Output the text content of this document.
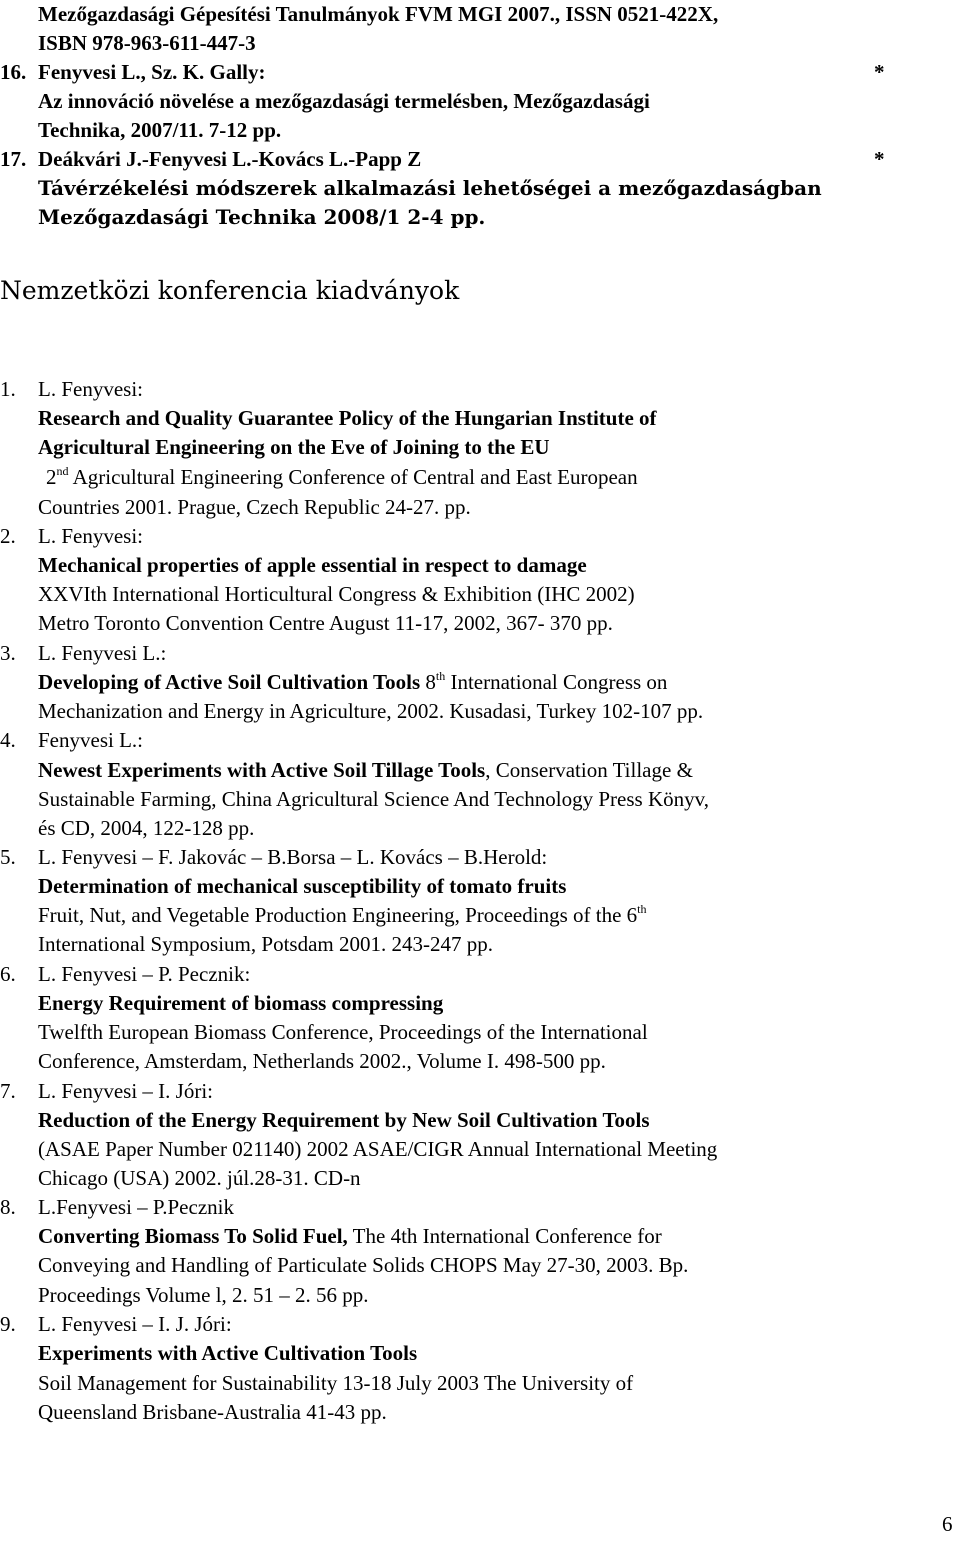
Mezőgazdasági Gépesítési Tanulmányok FVM MGI 2007., ISSN 0521-422X,
ISBN 978-963-611-447-3
16. Fenyvesi L., Sz. K. Gally:	*
Az innováció növelése a mezőgazdasági termelésben, Mezőgazdasági
Technika, 2007/11. 7-12 pp.
17. Deákvári J.-Fenyvesi L.-Kovács L.-Papp Z	*
Távérzékelési módszerek alkalmazási lehetőségei a mezőgazdaságban
Mezőgazdasági Technika 2008/1 2-4 pp.
Nemzetközi konferencia kiadványok
1. L. Fenyvesi:
Research and Quality Guarantee Policy of the Hungarian Institute of
Agricultural Engineering on the Eve of Joining to the EU
2nd Agricultural Engineering Conference of Central and East European
Countries 2001. Prague, Czech Republic 24-27. pp.
2. L. Fenyvesi:
Mechanical properties of apple essential in respect to damage
XXVIth International Horticultural Congress & Exhibition (IHC 2002)
Metro Toronto Convention Centre August 11-17, 2002, 367- 370 pp.
3. L. Fenyvesi L.:
Developing of Active Soil Cultivation Tools 8th International Congress on
Mechanization and Energy in Agriculture, 2002. Kusadasi, Turkey 102-107 pp.
4. Fenyvesi L.:
Newest Experiments with Active Soil Tillage Tools, Conservation Tillage &
Sustainable Farming, China Agricultural Science And Technology Press Könyv,
és CD, 2004, 122-128 pp.
5. L. Fenyvesi – F. Jakovác – B.Borsa – L. Kovács – B.Herold:
Determination of mechanical susceptibility of tomato fruits
Fruit, Nut, and Vegetable Production Engineering, Proceedings of the 6th
International Symposium, Potsdam 2001. 243-247 pp.
6. L. Fenyvesi – P. Pecznik:
Energy Requirement of biomass compressing
Twelfth European Biomass Conference, Proceedings of the International
Conference, Amsterdam, Netherlands 2002., Volume I. 498-500 pp.
7. L. Fenyvesi – I. Jóri:
Reduction of the Energy Requirement by New Soil Cultivation Tools
(ASAE Paper Number 021140) 2002 ASAE/CIGR Annual International Meeting
Chicago (USA) 2002. júl.28-31. CD-n
8. L.Fenyvesi – P.Pecznik
Converting Biomass To Solid Fuel, The 4th International Conference for
Conveying and Handling of Particulate Solids CHOPS May 27-30, 2003. Bp.
Proceedings Volume l, 2. 51 – 2. 56 pp.
9. L. Fenyvesi – I. J. Jóri:
Experiments with Active Cultivation Tools
Soil Management for Sustainability 13-18 July 2003 The University of
Queensland Brisbane-Australia 41-43 pp.
6
